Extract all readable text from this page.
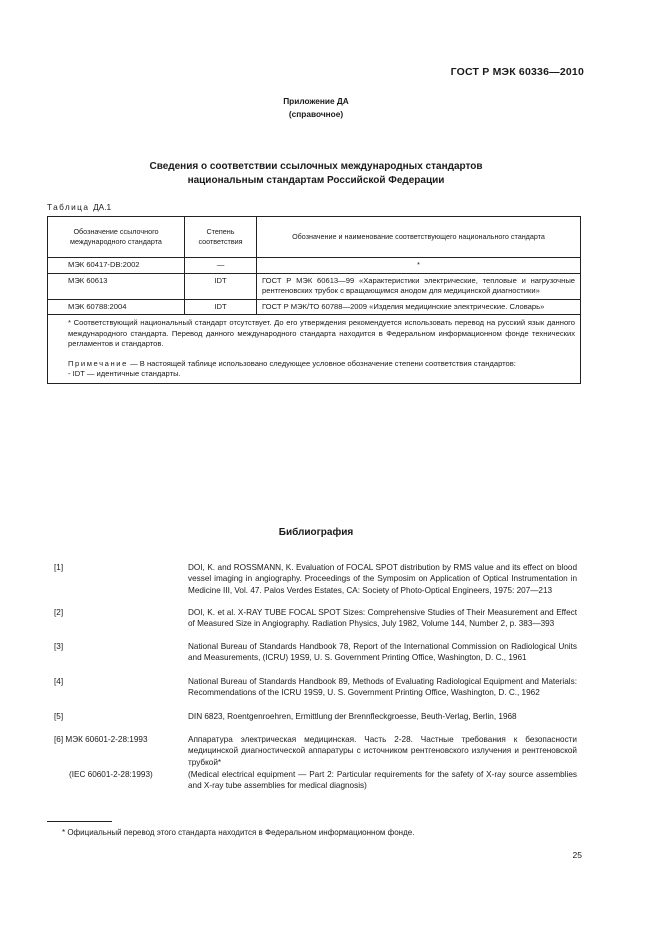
ГОСТ Р МЭК 60336—2010
Приложение ДА
(справочное)
Сведения о соответствии ссылочных международных стандартов
национальным стандартам Российской Федерации
Таблица ДА.1
Обозначение ссылочного международного стандарта	Степень соответствия	Обозначение и наименование соответствующего национального стандарта
МЭК 60417-DB:2002	—	*
МЭК 60613	IDT	ГОСТ Р МЭК 60613—99 «Характеристики электрические, тепловые и нагрузочные рентгеновских трубок с вращающимся анодом для медицинской диагностики»
МЭК 60788:2004	IDT	ГОСТ Р МЭК/ТО 60788—2009 «Изделия медицинские электрические. Словарь»

* Соответствующий национальный стандарт отсутствует. До его утверждения рекомендуется использовать перевод на русский язык данного международного стандарта. Перевод данного международного стандарта находится в Федеральном информационном фонде технических регламентов и стандартов.

Примечание — В настоящей таблице использовано следующее условное обозначение степени соответствия стандартов:

- IDT — идентичные стандарты.		

Библиография
[1]	DOI, K. and ROSSMANN, K. Evaluation of FOCAL SPOT distribution by RMS value and its effect on blood vessel imaging in angiography. Proceedings of the Symposim on Application of Optical Instrumentation in Medicine III, Vol. 47. Palos Verdes Estates, CA: Society of Photo-Optical Engineers, 1975: 207—213
[2]	DOI, K. et al. X-RAY TUBE FOCAL SPOT Sizes: Comprehensive Studies of Their Measurement and Effect of Measured Size in Angiography. Radiation Physics, July 1982, Volume 144, Number 2, p. 383—393
[3]	National Bureau of Standards Handbook 78, Report of the International Commission on Radiological Units and Measurements, (ICRU) 19S9, U. S. Government Printing Office, Washington, D. C., 1961
[4]	National Bureau of Standards Handbook 89, Methods of Evaluating Radiological Equipment and Materials: Recommendations of the ICRU 19S9, U. S. Government Printing Office, Washington, D. C., 1962
[5]	DIN 6823, Roentgenroehren, Ermittlung der Brennfleckgroesse, Beuth-Verlag, Berlin, 1968
[6] МЭК 60601-2-28:1993	Аппаратура электрическая медицинская. Часть 2-28. Частные требования к безопасности медицинской диагностической аппаратуры с источником рентгеновского излучения и рентгеновской трубкой*
(IEC 60601-2-28:1993)	(Medical electrical equipment — Part 2: Particular requirements for the safety of X-ray source assemblies and X-ray tube assemblies for medical diagnosis)
* Официальный перевод этого стандарта находится в Федеральном информационном фонде.
25
